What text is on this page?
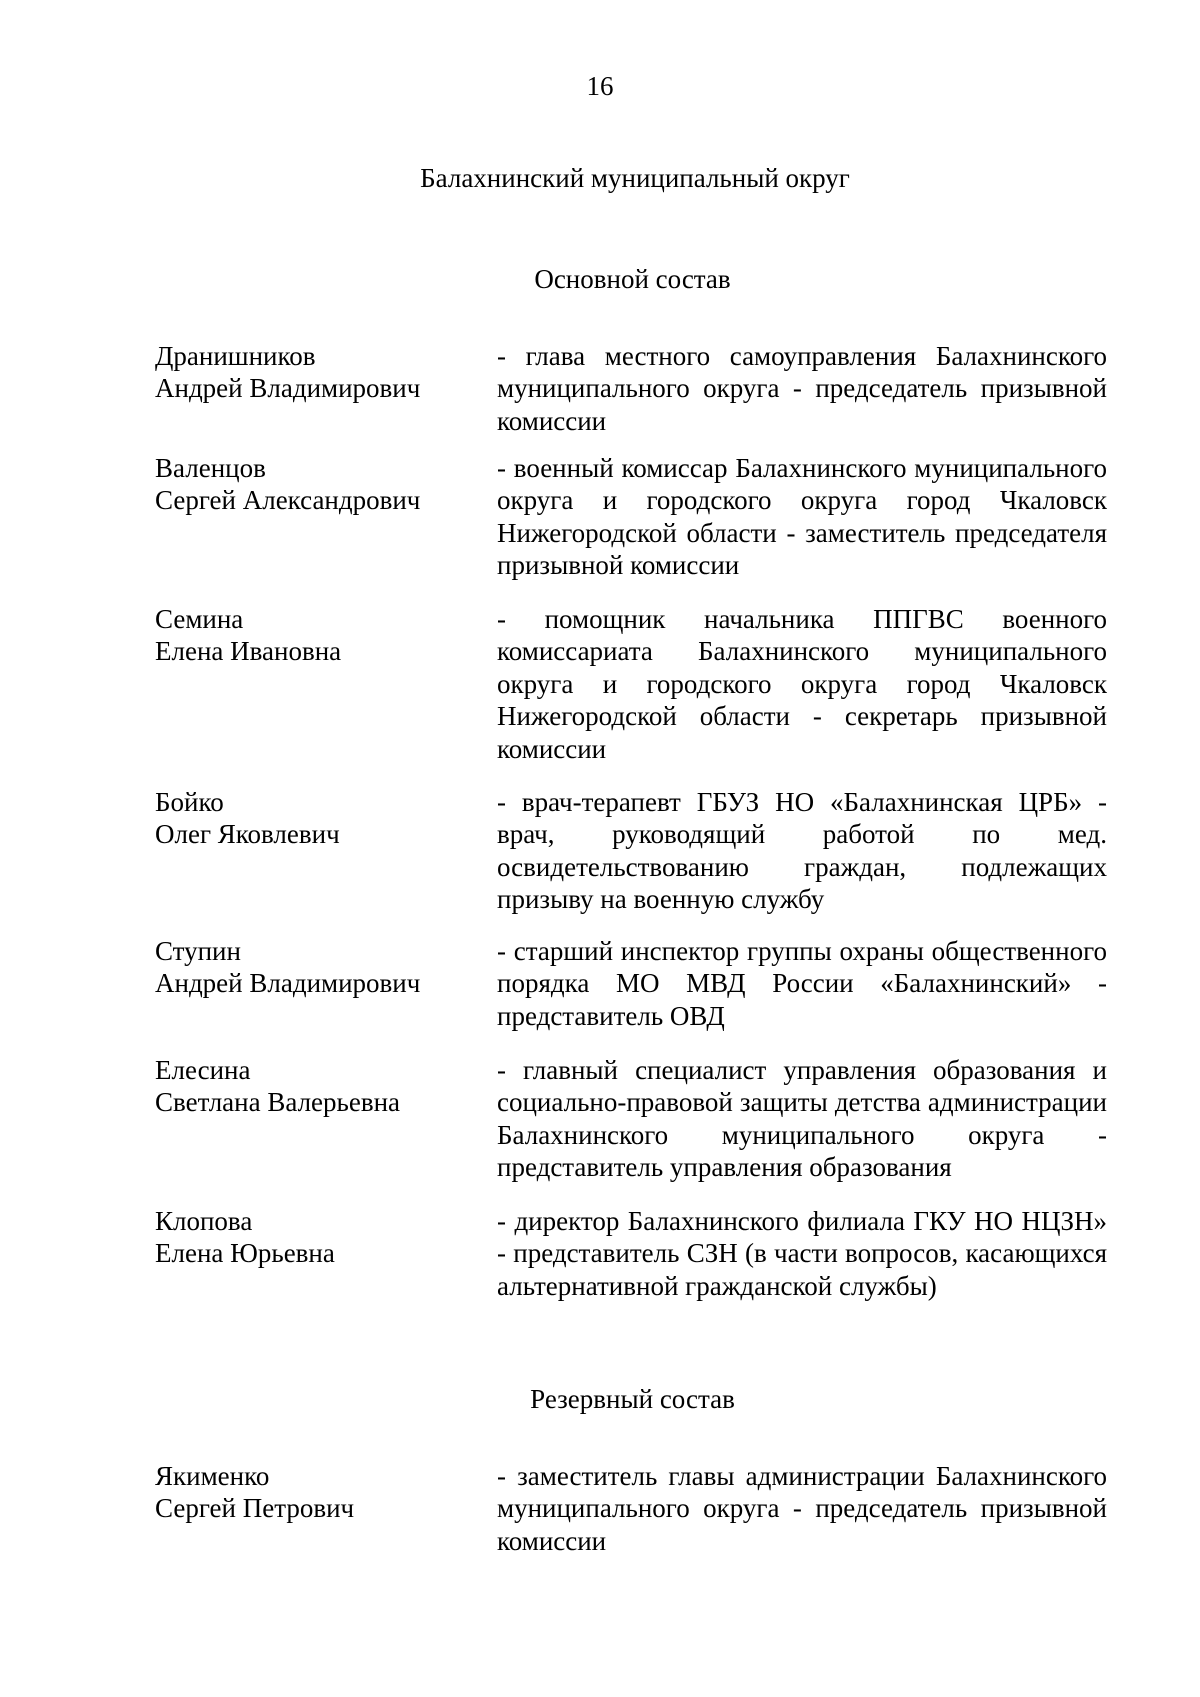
16
Балахнинский муниципальный округ
Основной состав
Дранишников
Андрей Владимирович
- глава местного самоуправления Балахнинского муниципального округа - председатель призывной комиссии
Валенцов
Сергей Александрович
- военный комиссар Балахнинского муниципального округа и городского округа город Чкаловск Нижегородской области - заместитель председателя призывной комиссии
Семина
Елена Ивановна
- помощник начальника ППГВС военного комиссариата Балахнинского муниципального округа и городского округа город Чкаловск Нижегородской области - секретарь призывной комиссии
Бойко
Олег Яковлевич
- врач-терапевт ГБУЗ НО «Балахнинская ЦРБ» - врач, руководящий работой по мед. освидетельствованию граждан, подлежащих призыву на военную службу
Ступин
Андрей Владимирович
- старший инспектор группы охраны общественного порядка МО МВД России «Балахнинский» - представитель ОВД
Елесина
Светлана Валерьевна
- главный специалист управления образования и социально-правовой защиты детства администрации Балахнинского муниципального округа - представитель управления образования
Клопова
Елена Юрьевна
- директор Балахнинского филиала ГКУ НО НЦЗН» - представитель СЗН (в части вопросов, касающихся альтернативной гражданской службы)
Резервный состав
Якименко
Сергей Петрович
- заместитель главы администрации Балахнинского муниципального округа - председатель призывной комиссии
